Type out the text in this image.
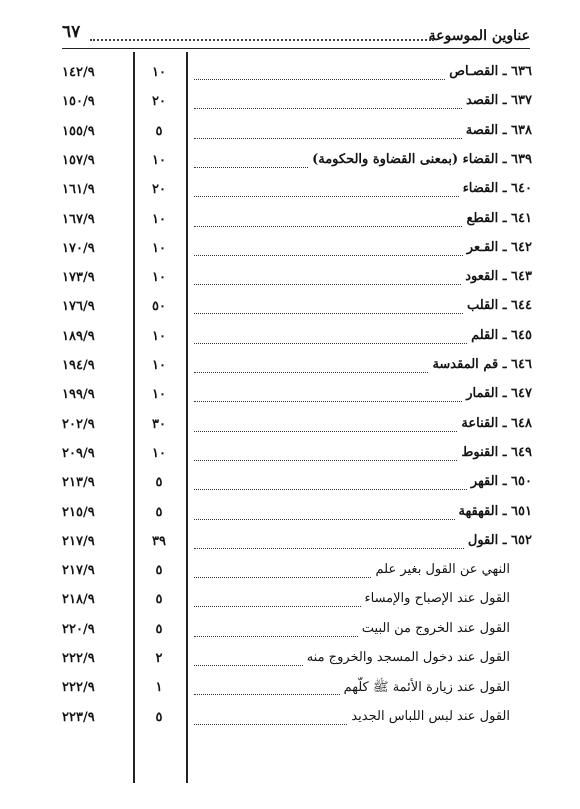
عناوين الموسوعة
٦٧
٦٣٦ ـ القصـاص
١٠
١٤٢/٩
٦٣٧ ـ القصد
٢٠
١٥٠/٩
٦٣٨ ـ القصة
٥
١٥٥/٩
٦٣٩ ـ القضاء (بمعنى القضاوة والحكومة)
١٠
١٥٧/٩
٦٤٠ ـ القضاء
٢٠
١٦١/٩
٦٤١ ـ القطع
١٠
١٦٧/٩
٦٤٢ ـ القـعر
١٠
١٧٠/٩
٦٤٣ ـ القعود
١٠
١٧٣/٩
٦٤٤ ـ القلب
٥٠
١٧٦/٩
٦٤٥ ـ القلم
١٠
١٨٩/٩
٦٤٦ ـ قم المقدسة
١٠
١٩٤/٩
٦٤٧ ـ القمار
١٠
١٩٩/٩
٦٤٨ ـ القناعة
٣٠
٢٠٢/٩
٦٤٩ ـ القنوط
١٠
٢٠٩/٩
٦٥٠ ـ القهر
٥
٢١٣/٩
٦٥١ ـ القهقهة
٥
٢١٥/٩
٦٥٢ ـ القول
٣٩
٢١٧/٩
النهي عن القول بغير علم
٥
٢١٧/٩
القول عند الإصباح والإمساء
٥
٢١٨/٩
القول عند الخروج من البيت
٥
٢٢٠/٩
القول عند دخول المسجد والخروج منه
٢
٢٢٢/٩
القول عند زيارة الأئمة ﷺ كلّهم
١
٢٢٢/٩
القول عند لبس اللباس الجديد
٥
٢٢٣/٩
